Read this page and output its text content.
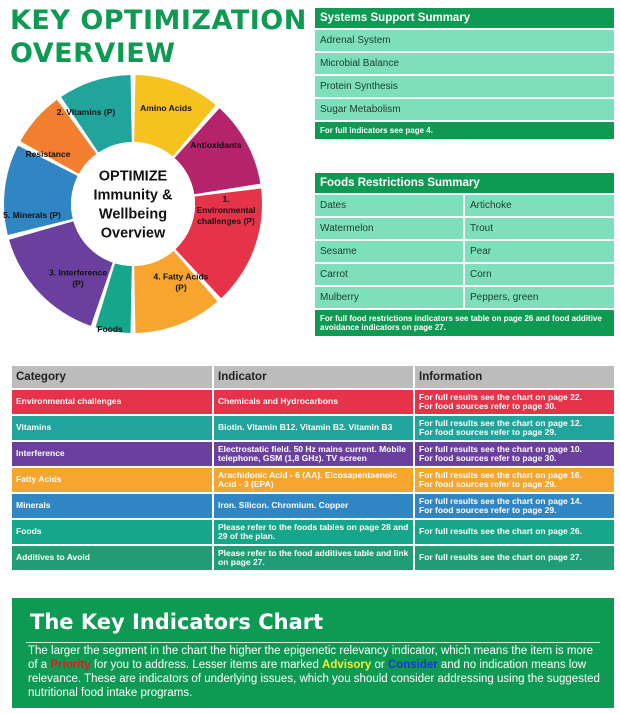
KEY OPTIMIZATION
OVERVIEW
Amino Acids
Antioxidants
1. Environmental challenges (P)
4. Fatty Acids (P)
Foods
3. Interference (P)
5. Minerals (P)
Resistance
2. Vitamins (P)
OPTIMIZE Immunity & Wellbeing Overview
Systems Support Summary
Adrenal System
Microbial Balance
Protein Synthesis
Sugar Metabolism
For full indicators see page 4.
Foods Restrictions Summary
Dates	Artichoke
Watermelon	Trout
Sesame	Pear
Carrot	Corn
Mulberry	Peppers, green
For full food restrictions indicators see table on page 26 and food additive avoidance indicators on page 27.
Category	Indicator	Information
Environmental challenges	Chemicals and Hydrocarbons	For full results see the chart on page 22.
For food sources refer to page 30.

Vitamins	Biotin. Vitamin B12. Vitamin B2. Vitamin B3	For full results see the chart on page 12.
For food sources refer to page 29.

Interference	Electrostatic field. 50 Hz mains current. Mobile telephone, GSM (1,8 GHz). TV screen	For full results see the chart on page 10.
For food sources refer to page 30.

Fatty Acids	Arachidonic Acid - 6 (AA). Eicosapentaenoic Acid - 3 (EPA)	For full results see the chart on page 16.
For food sources refer to page 29.

Minerals	Iron. Silicon. Chromium. Copper	For full results see the chart on page 14.
For food sources refer to page 29.

Foods	Please refer to the foods tables on page 28 and 29 of the plan.	For full results see the chart on page 26.

Additives to Avoid	Please refer to the food additives table and link on page 27.	For full results see the chart on page 27.
The Key Indicators Chart

The larger the segment in the chart the higher the epigenetic relevancy indicator, which means the item is more of a Priority for you to address. Lesser items are marked Advisory or Consider and no indication means low relevance. These are indicators of underlying issues, which you should consider addressing using the suggested nutritional food intake programs.
